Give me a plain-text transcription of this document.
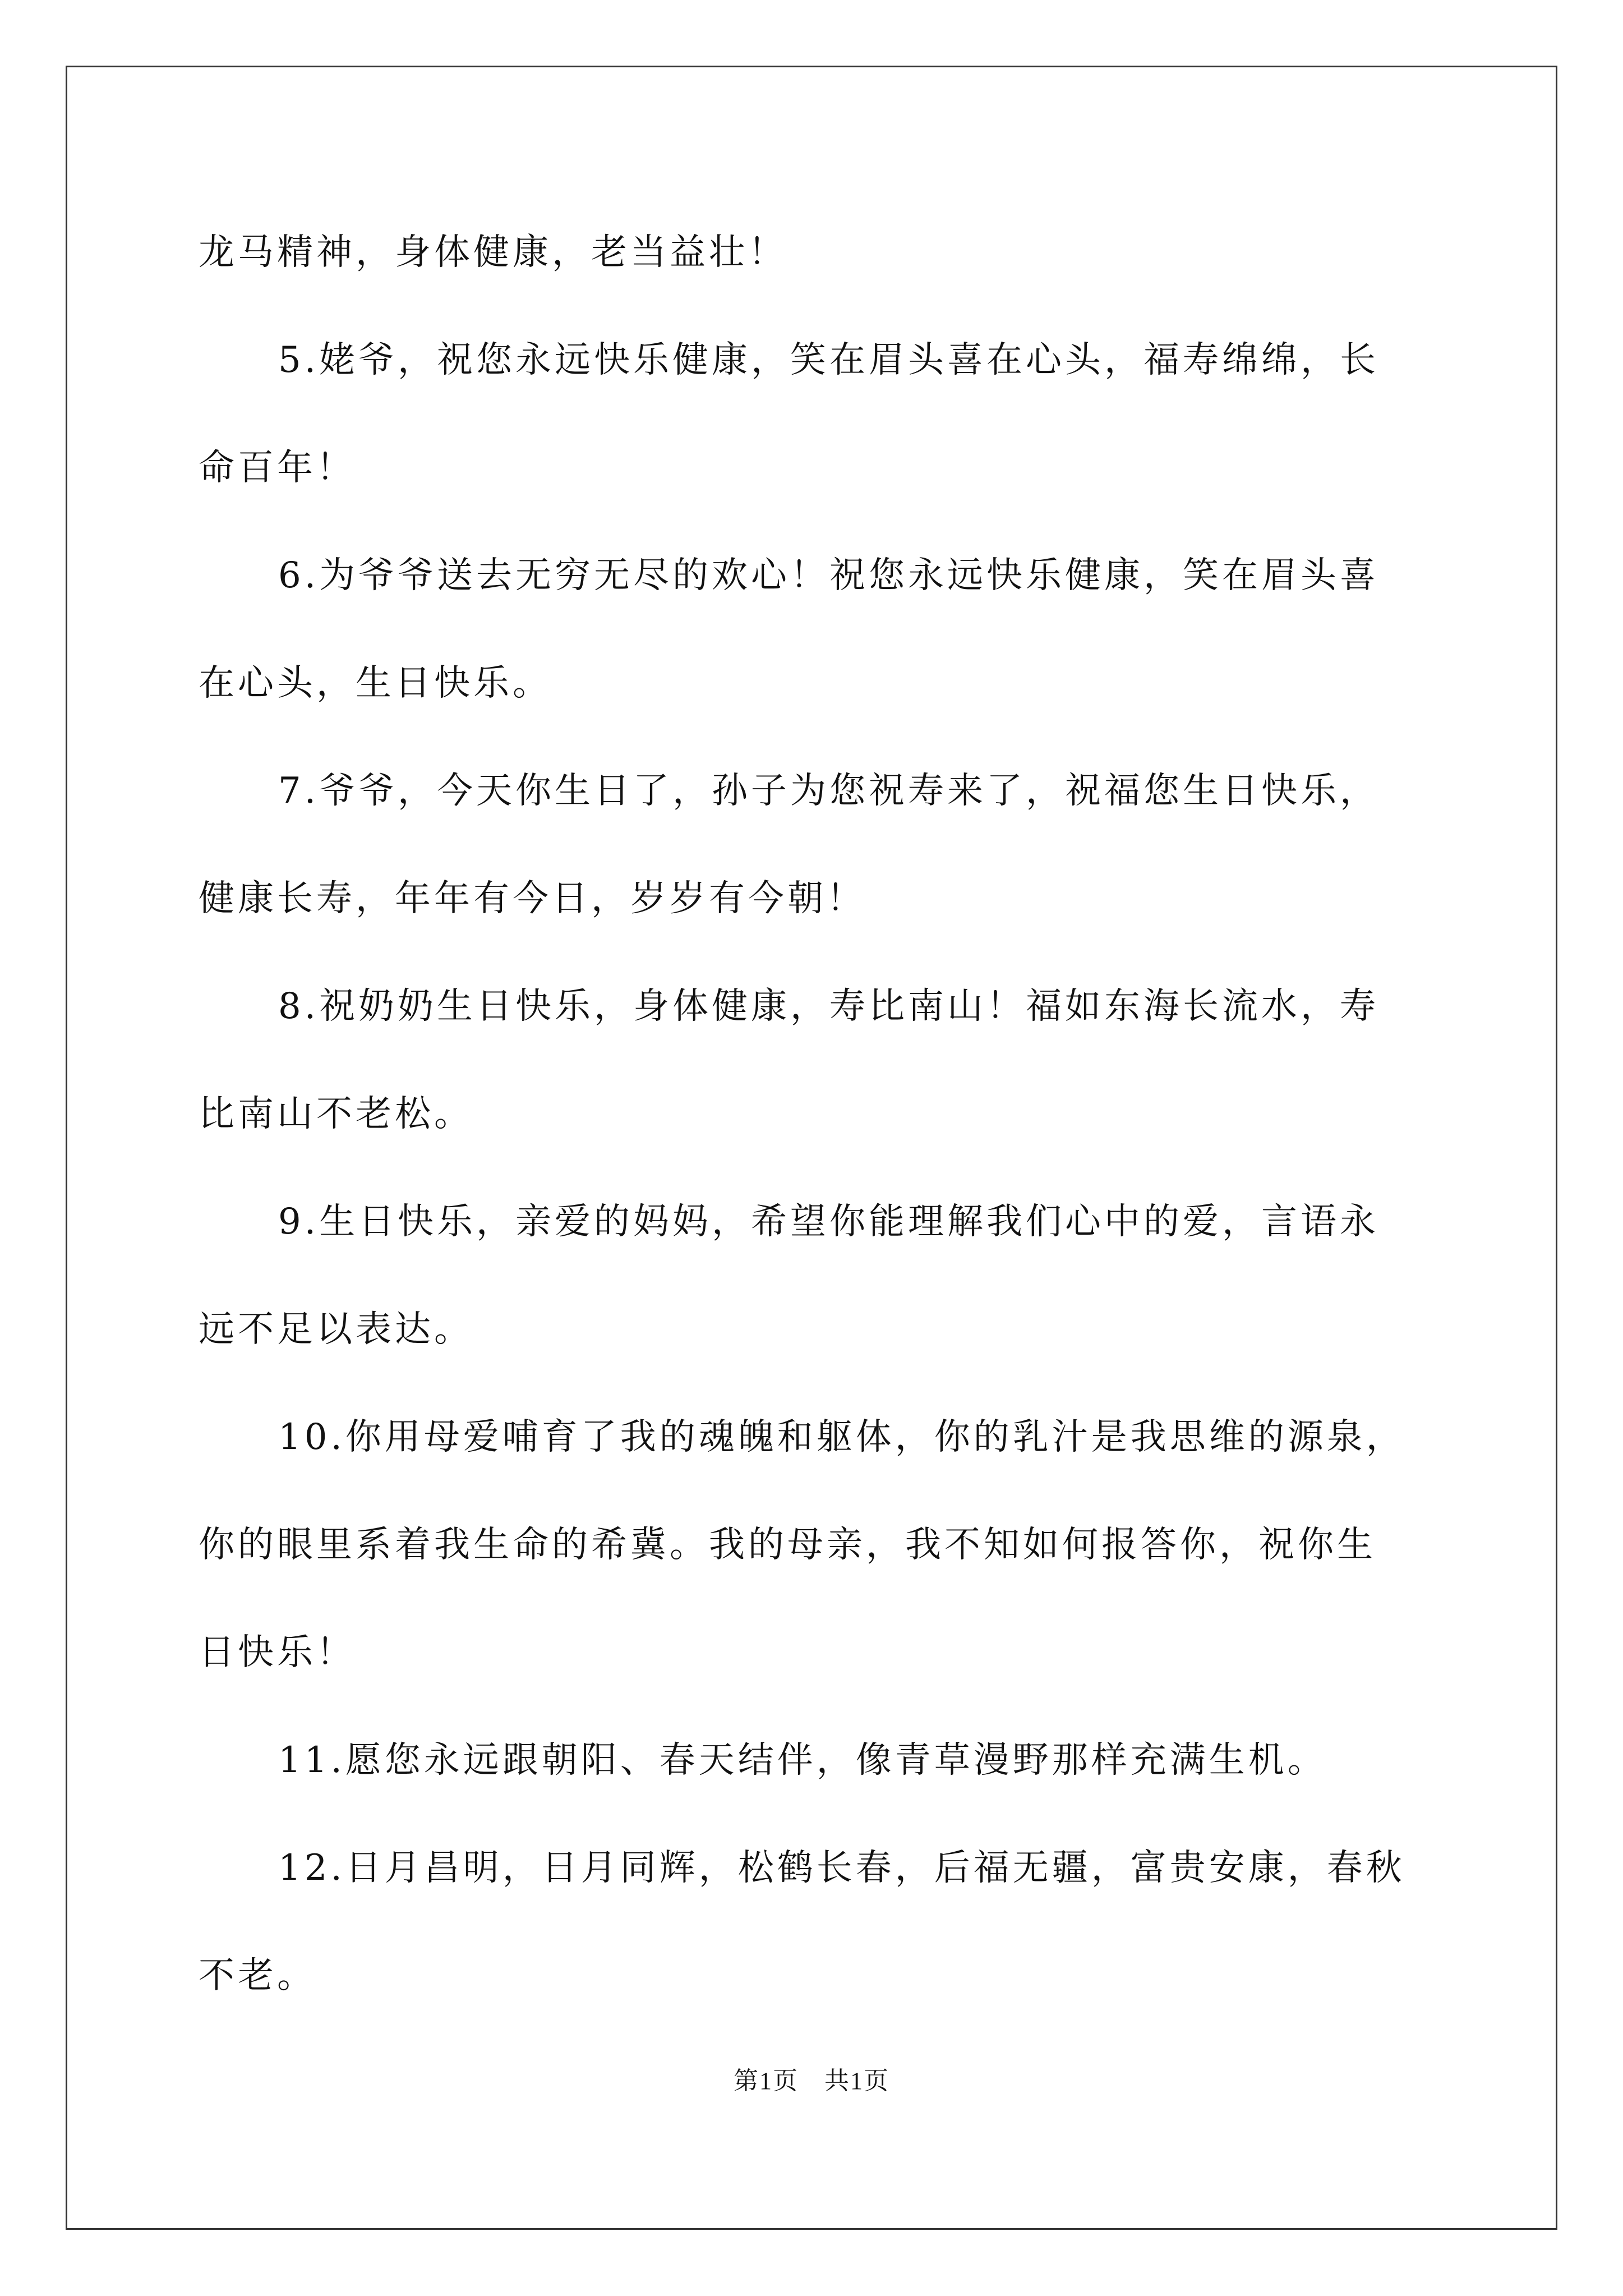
龙马精神，身体健康，老当益壮！
5.姥爷，祝您永远快乐健康，笑在眉头喜在心头，福寿绵绵，长
命百年！
6.为爷爷送去无穷无尽的欢心！祝您永远快乐健康，笑在眉头喜
在心头，生日快乐。
7.爷爷，今天你生日了，孙子为您祝寿来了，祝福您生日快乐，
健康长寿，年年有今日，岁岁有今朝！
8.祝奶奶生日快乐，身体健康，寿比南山！福如东海长流水，寿
比南山不老松。
9.生日快乐，亲爱的妈妈，希望你能理解我们心中的爱，言语永
远不足以表达。
10.你用母爱哺育了我的魂魄和躯体，你的乳汁是我思维的源泉，
你的眼里系着我生命的希冀。我的母亲，我不知如何报答你，祝你生
日快乐！
11.愿您永远跟朝阳、春天结伴，像青草漫野那样充满生机。
12.日月昌明，日月同辉，松鹤长春，后福无疆，富贵安康，春秋
不老。
第1页　共1页
